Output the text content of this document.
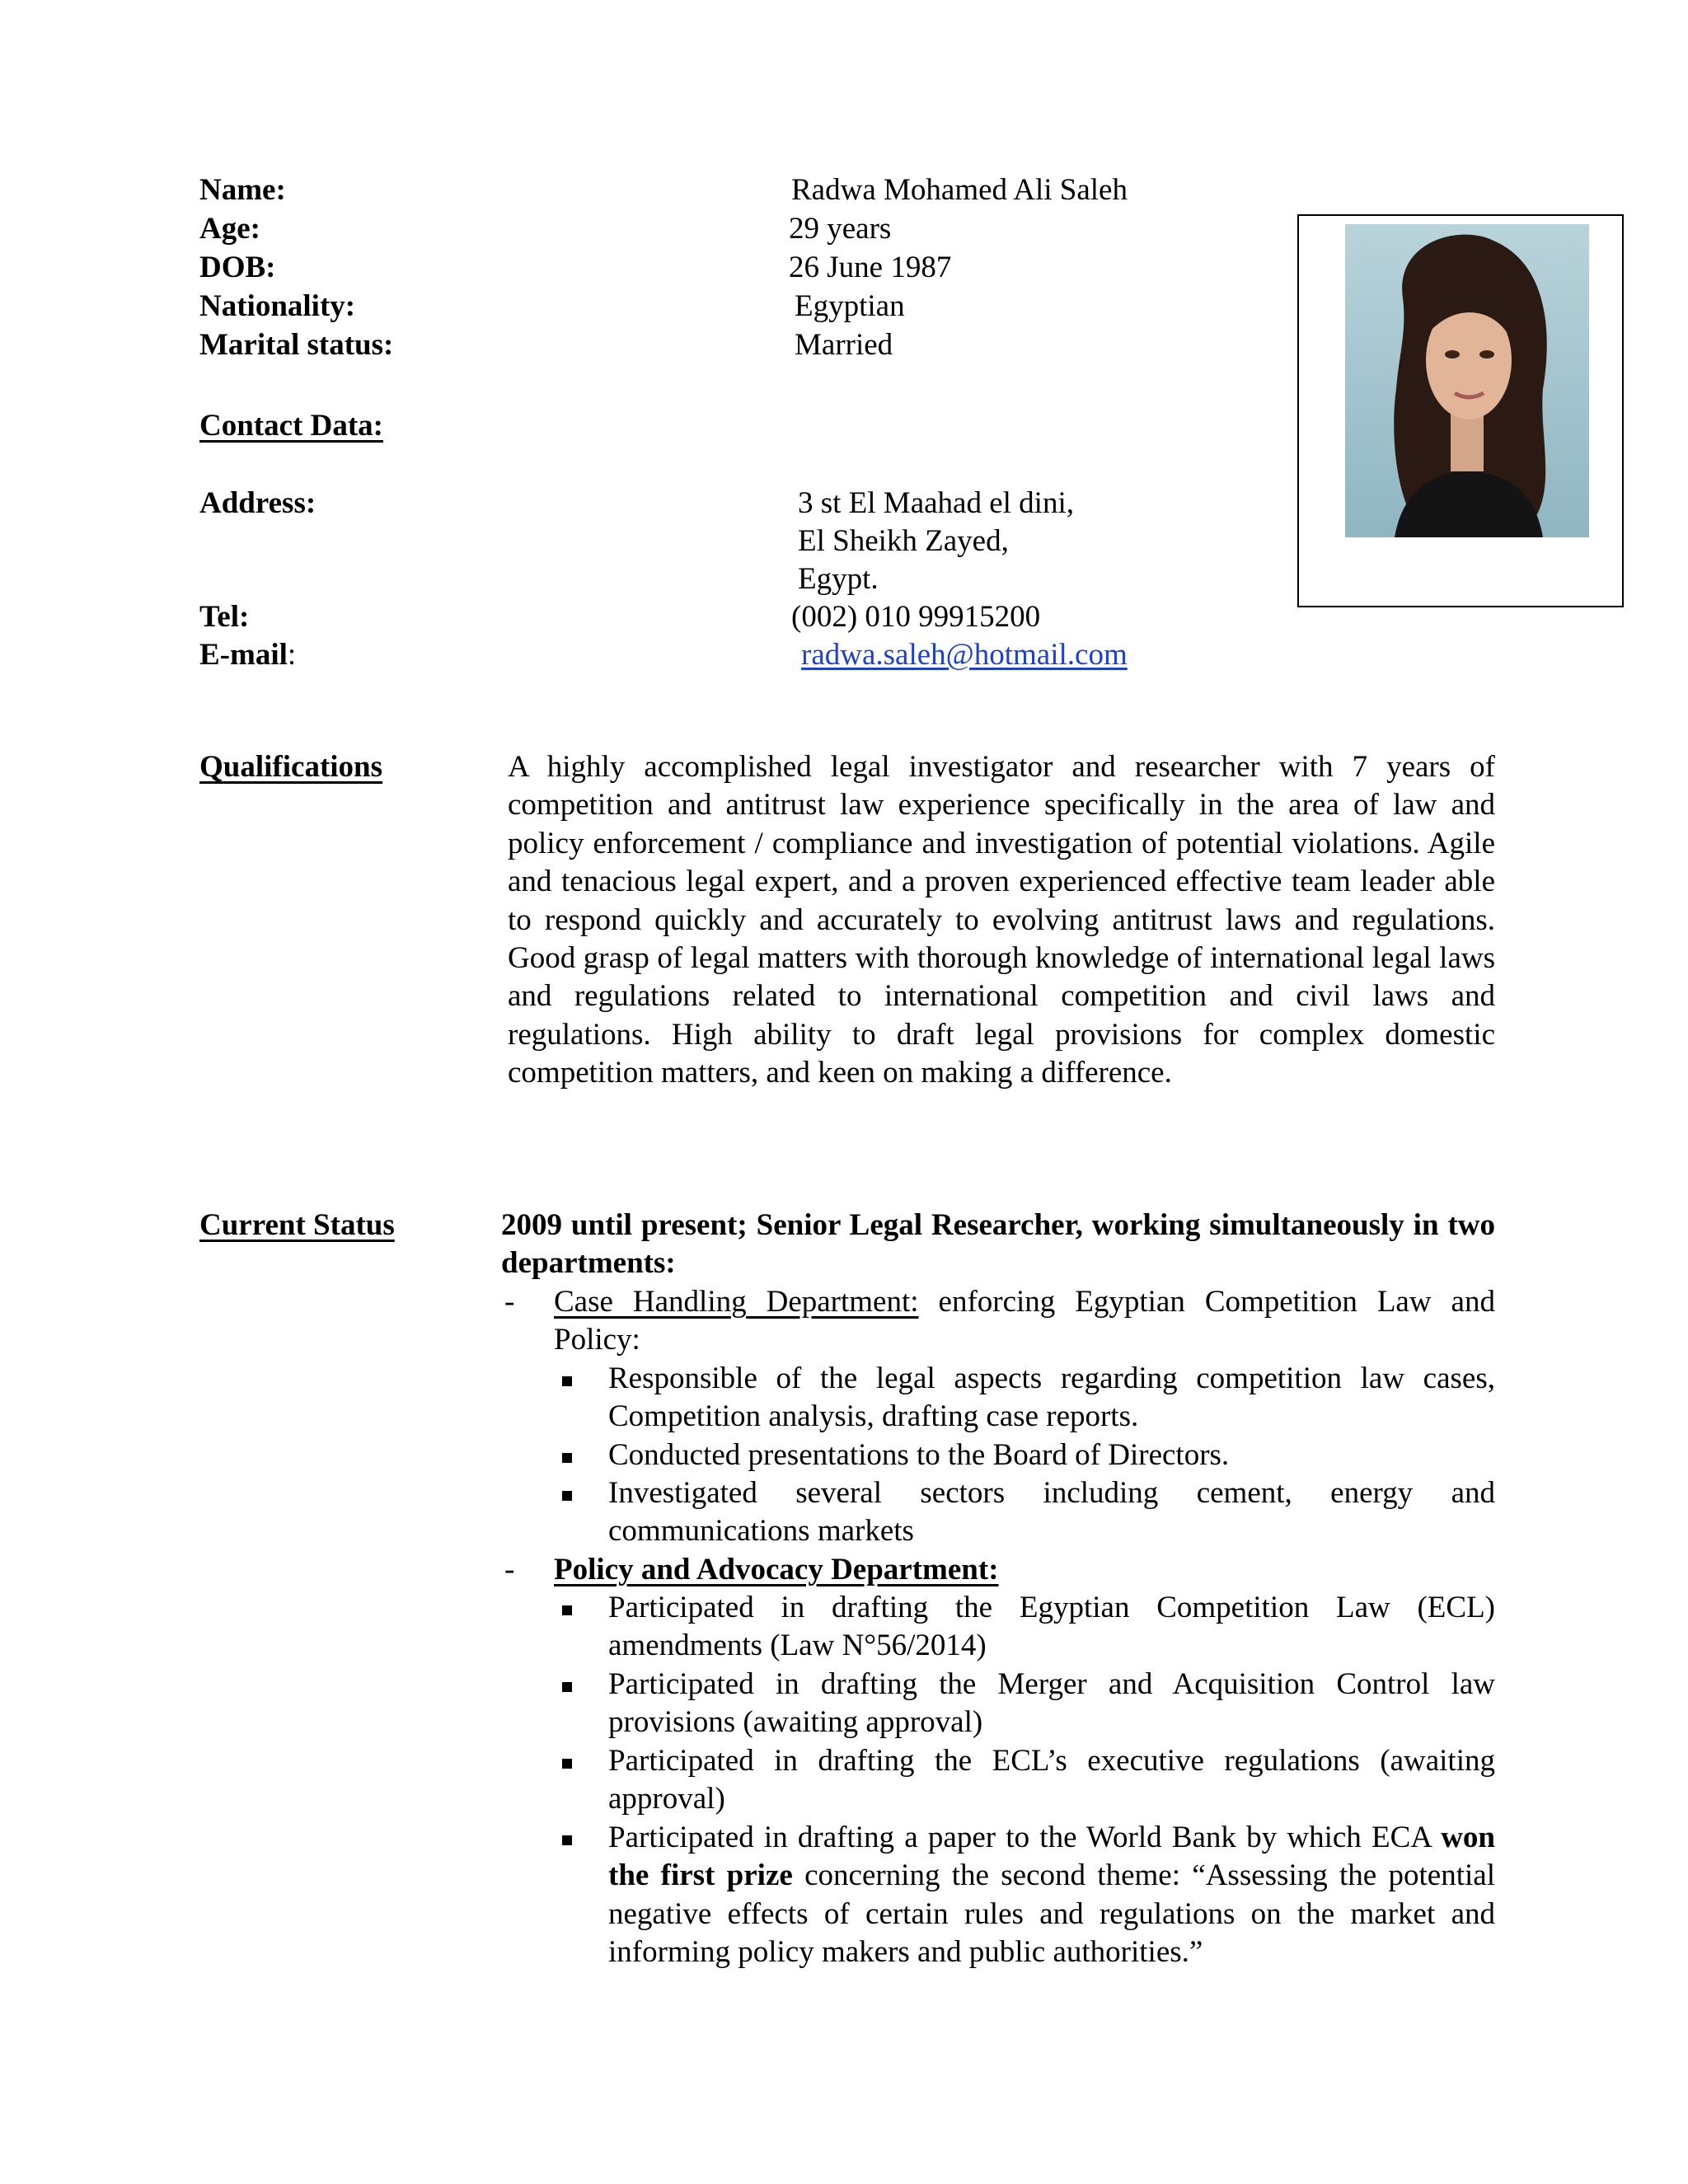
Name:	Radwa Mohamed Ali Saleh
Age:	29 years
DOB:	26 June 1987
Nationality:	Egyptian
Marital status:	Married
Contact Data:
Address:	3 st El Maahad el dini,
El Sheikh Zayed,
Egypt.
Tel:	(002) 010 99915200
E-mail:	radwa.saleh@hotmail.com
Qualifications	A highly accomplished legal investigator and researcher with 7 years of competition and antitrust law experience specifically in the area of law and policy enforcement / compliance and investigation of potential violations. Agile and tenacious legal expert, and a proven experienced effective team leader able to respond quickly and accurately to evolving antitrust laws and regulations. Good grasp of legal matters with thorough knowledge of international legal laws and regulations related to international competition and civil laws and regulations. High ability to draft legal provisions for complex domestic competition matters, and keen on making a difference.
Current Status	2009 until present; Senior Legal Researcher, working simultaneously in two departments:
- Case Handling Department: enforcing Egyptian Competition Law and Policy:
Responsible of the legal aspects regarding competition law cases, Competition analysis, drafting case reports.
Conducted presentations to the Board of Directors.
Investigated several sectors including cement, energy and communications markets
- Policy and Advocacy Department:
Participated in drafting the Egyptian Competition Law (ECL) amendments (Law N°56/2014)
Participated in drafting the Merger and Acquisition Control law provisions (awaiting approval)
Participated in drafting the ECL’s executive regulations (awaiting approval)
Participated in drafting a paper to the World Bank by which ECA won the first prize concerning the second theme: “Assessing the potential negative effects of certain rules and regulations on the market and informing policy makers and public authorities.”
